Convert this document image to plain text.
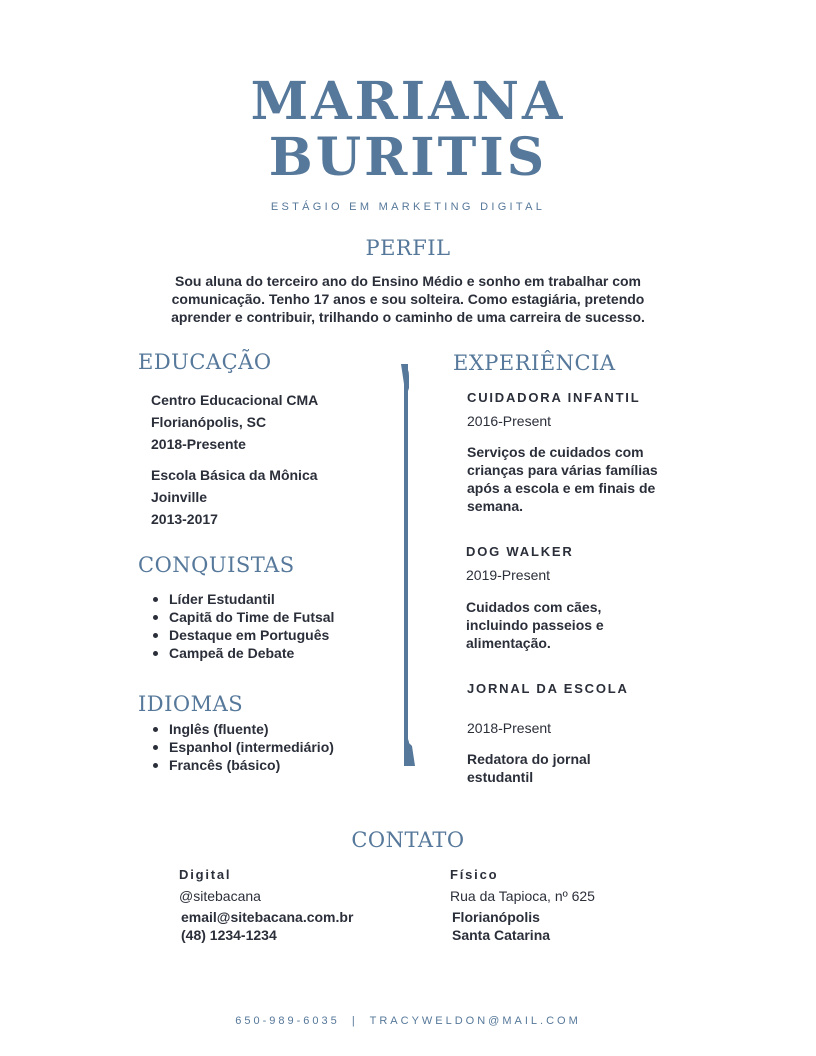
MARIANA
BURITIS
ESTÁGIO EM MARKETING DIGITAL
PERFIL
Sou aluna do terceiro ano do Ensino Médio e sonho em trabalhar com comunicação. Tenho 17 anos e sou solteira. Como estagiária, pretendo aprender e contribuir, trilhando o caminho de uma carreira de sucesso.
EDUCAÇÃO
Centro Educacional CMA
Florianópolis, SC
2018-Presente
Escola Básica da Mônica
Joinville
2013-2017
CONQUISTAS
Líder Estudantil
Capitã do Time de Futsal
Destaque em Português
Campeã de Debate
IDIOMAS
Inglês (fluente)
Espanhol (intermediário)
Francês (básico)
EXPERIÊNCIA
CUIDADORA INFANTIL
2016-Present
Serviços de cuidados com crianças para várias famílias após a escola e em finais de semana.
DOG WALKER
2019-Present
Cuidados com cães, incluindo passeios e alimentação.
JORNAL DA ESCOLA
2018-Present
Redatora do jornal estudantil
CONTATO
Digital
@sitebacana
email@sitebacana.com.br
(48) 1234-1234
Físico
Rua da Tapioca, nº 625
Florianópolis
Santa Catarina
650-989-6035  |  TRACYWELDON@MAIL.COM
